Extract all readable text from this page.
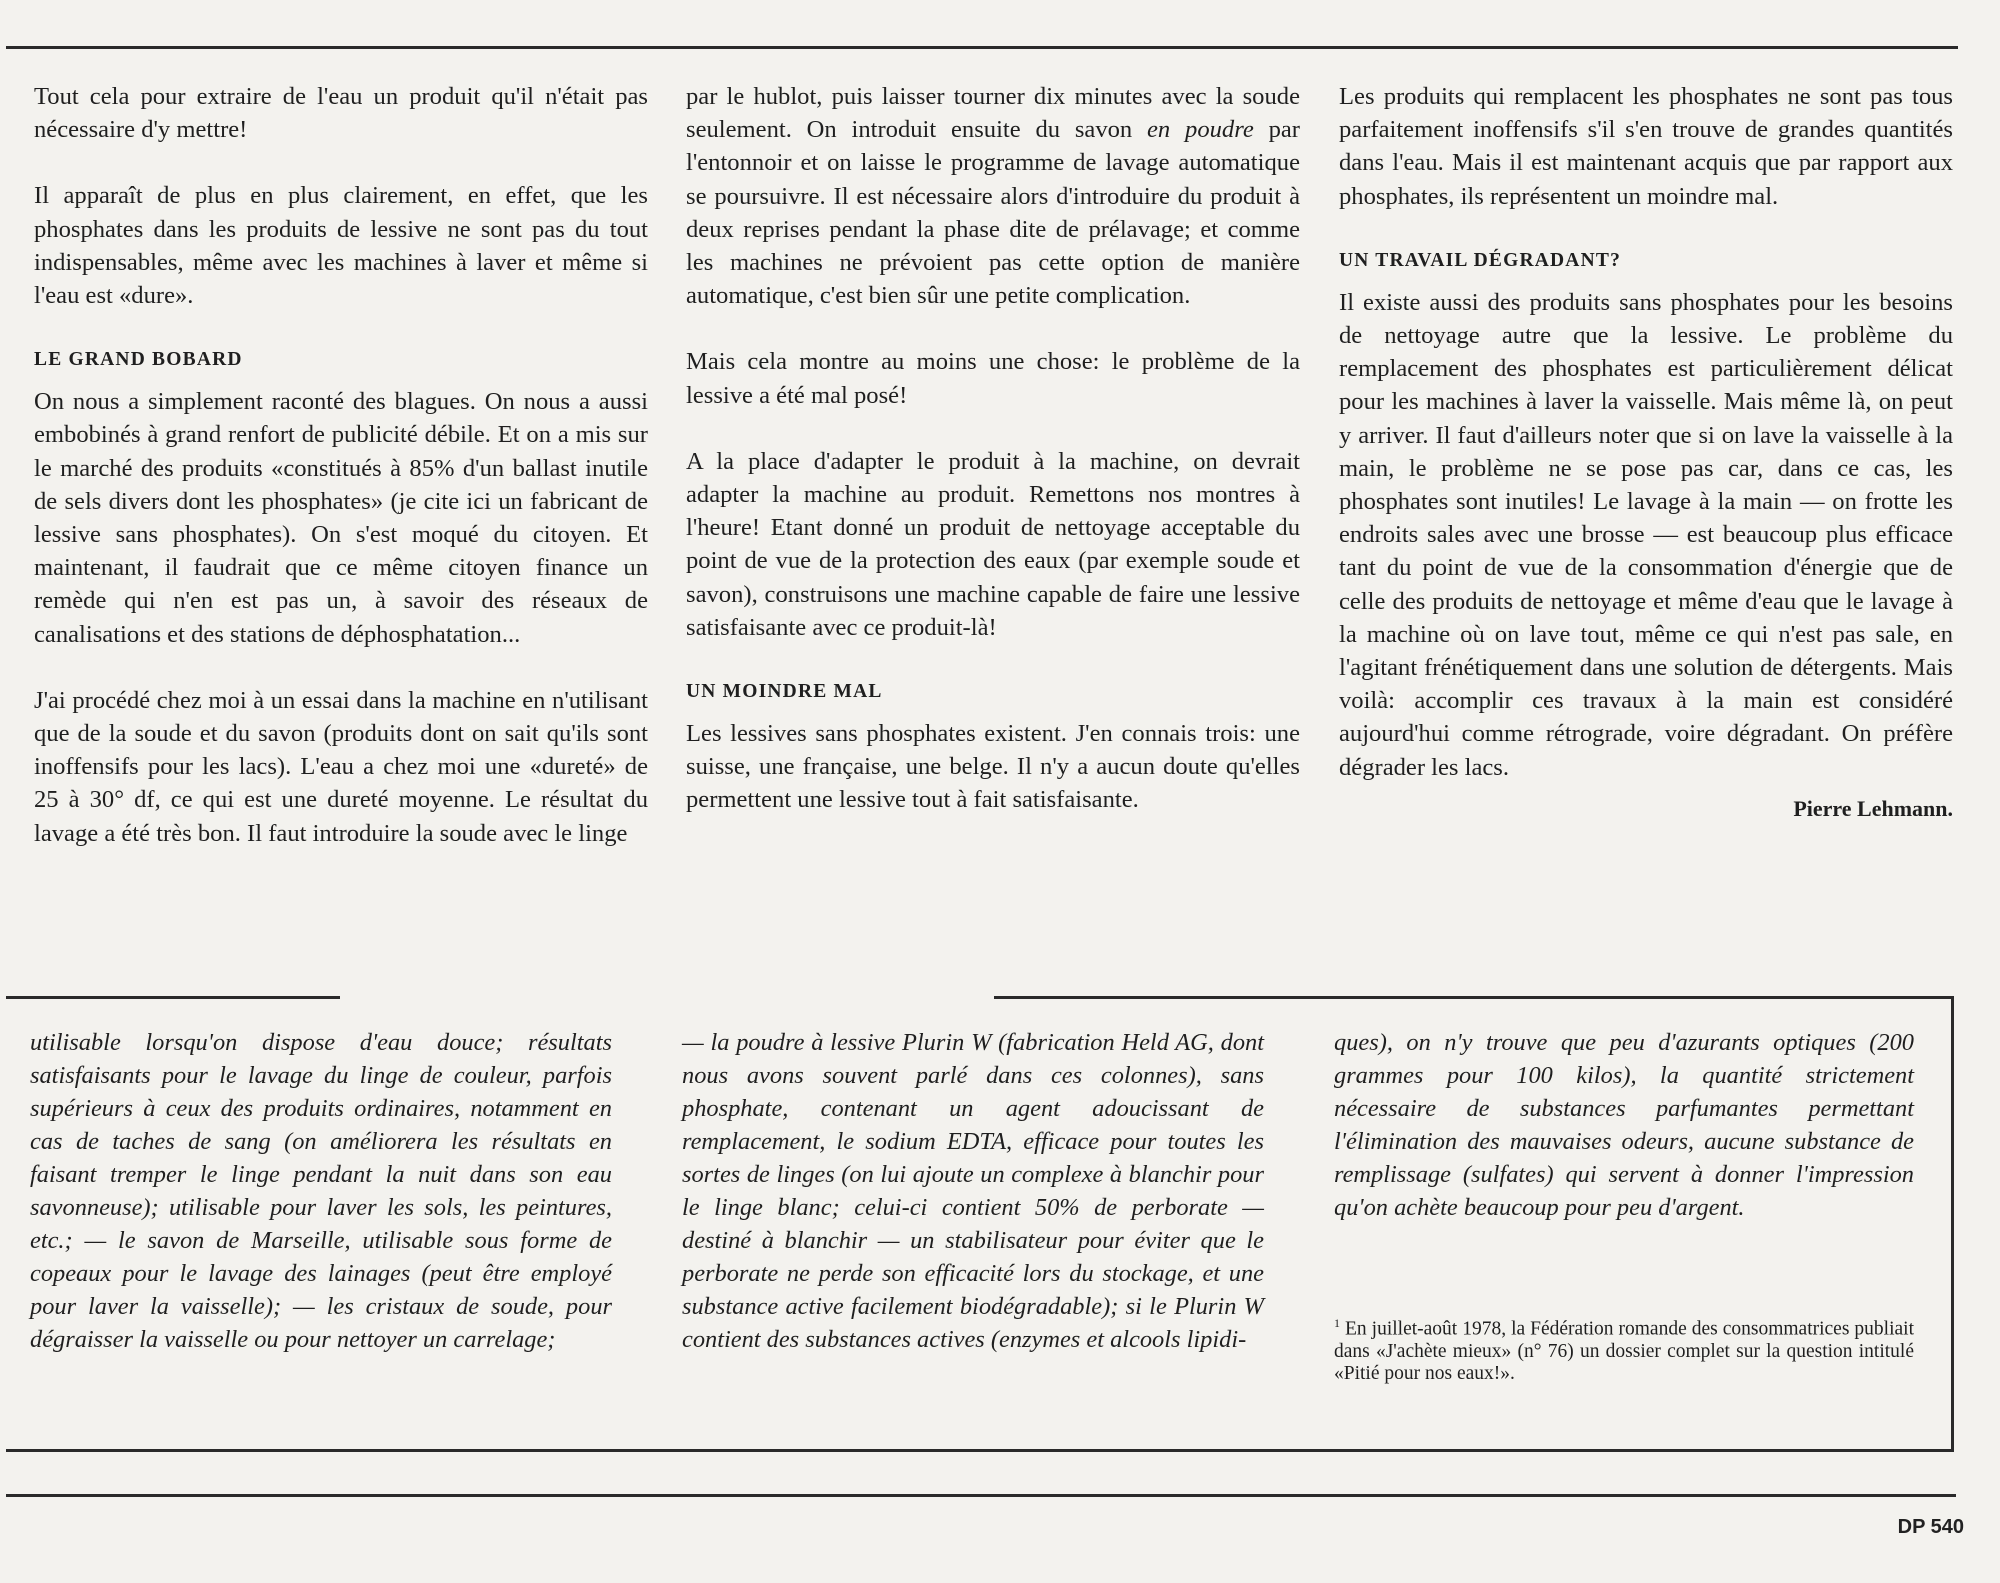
Tout cela pour extraire de l'eau un produit qu'il n'était pas nécessaire d'y mettre!

Il apparaît de plus en plus clairement, en effet, que les phosphates dans les produits de lessive ne sont pas du tout indispensables, même avec les machines à laver et même si l'eau est «dure».

LE GRAND BOBARD

On nous a simplement raconté des blagues. On nous a aussi embobinés à grand renfort de publicité débile. Et on a mis sur le marché des produits «constitués à 85% d'un ballast inutile de sels divers dont les phosphates» (je cite ici un fabricant de lessive sans phosphates). On s'est moqué du citoyen. Et maintenant, il faudrait que ce même citoyen finance un remède qui n'en est pas un, à savoir des réseaux de canalisations et des stations de déphosphatation...

J'ai procédé chez moi à un essai dans la machine en n'utilisant que de la soude et du savon (produits dont on sait qu'ils sont inoffensifs pour les lacs). L'eau a chez moi une «dureté» de 25 à 30° df, ce qui est une dureté moyenne. Le résultat du lavage a été très bon. Il faut introduire la soude avec le linge

par le hublot, puis laisser tourner dix minutes avec la soude seulement. On introduit ensuite du savon en poudre par l'entonnoir et on laisse le programme de lavage automatique se poursuivre. Il est nécessaire alors d'introduire du produit à deux reprises pendant la phase dite de prélavage; et comme les machines ne prévoient pas cette option de manière automatique, c'est bien sûr une petite complication.

Mais cela montre au moins une chose: le problème de la lessive a été mal posé!

A la place d'adapter le produit à la machine, on devrait adapter la machine au produit. Remettons nos montres à l'heure! Etant donné un produit de nettoyage acceptable du point de vue de la protection des eaux (par exemple soude et savon), construisons une machine capable de faire une lessive satisfaisante avec ce produit-là!

UN MOINDRE MAL

Les lessives sans phosphates existent. J'en connais trois: une suisse, une française, une belge. Il n'y a aucun doute qu'elles permettent une lessive tout à fait satisfaisante.

Les produits qui remplacent les phosphates ne sont pas tous parfaitement inoffensifs s'il s'en trouve de grandes quantités dans l'eau. Mais il est maintenant acquis que par rapport aux phosphates, ils représentent un moindre mal.

UN TRAVAIL DÉGRADANT?

Il existe aussi des produits sans phosphates pour les besoins de nettoyage autre que la lessive. Le problème du remplacement des phosphates est particulièrement délicat pour les machines à laver la vaisselle. Mais même là, on peut y arriver. Il faut d'ailleurs noter que si on lave la vaisselle à la main, le problème ne se pose pas car, dans ce cas, les phosphates sont inutiles! Le lavage à la main — on frotte les endroits sales avec une brosse — est beaucoup plus efficace tant du point de vue de la consommation d'énergie que de celle des produits de nettoyage et même d'eau que le lavage à la machine où on lave tout, même ce qui n'est pas sale, en l'agitant frénétiquement dans une solution de détergents. Mais voilà: accomplir ces travaux à la main est considéré aujourd'hui comme rétrograde, voire dégradant. On préfère dégrader les lacs.

Pierre Lehmann.

utilisable lorsqu'on dispose d'eau douce; résultats satisfaisants pour le lavage du linge de couleur, parfois supérieurs à ceux des produits ordinaires, notamment en cas de taches de sang (on améliorera les résultats en faisant tremper le linge pendant la nuit dans son eau savonneuse); utilisable pour laver les sols, les peintures, etc.; — le savon de Marseille, utilisable sous forme de copeaux pour le lavage des lainages (peut être employé pour laver la vaisselle); — les cristaux de soude, pour dégraisser la vaisselle ou pour nettoyer un carrelage;

— la poudre à lessive Plurin W (fabrication Held AG, dont nous avons souvent parlé dans ces colonnes), sans phosphate, contenant un agent adoucissant de remplacement, le sodium EDTA, efficace pour toutes les sortes de linges (on lui ajoute un complexe à blanchir pour le linge blanc; celui-ci contient 50% de perborate — destiné à blanchir — un stabilisateur pour éviter que le perborate ne perde son efficacité lors du stockage, et une substance active facilement biodégradable); si le Plurin W contient des substances actives (enzymes et alcools lipidi-

ques), on n'y trouve que peu d'azurants optiques (200 grammes pour 100 kilos), la quantité strictement nécessaire de substances parfumantes permettant l'élimination des mauvaises odeurs, aucune substance de remplissage (sulfates) qui servent à donner l'impression qu'on achète beaucoup pour peu d'argent.

$^1$ En juillet-août 1978, la Fédération romande des consommatrices publiait dans «J'achète mieux» (n° 76) un dossier complet sur la question intitulé «Pitié pour nos eaux!».
DP 540
